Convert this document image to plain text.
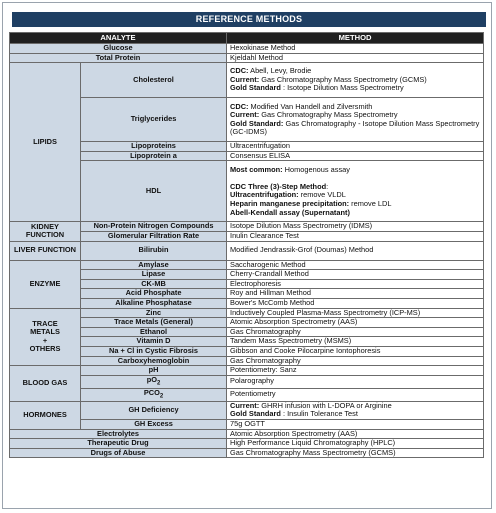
REFERENCE METHODS
ANALYTE		METHOD
Glucose		Hexokinase Method
Total Protein		Kjeldahl Method
LIPIDS	Cholesterol	CDC: Abell, Levy, Brodie
Current: Gas Chromatography Mass Spectrometry (GCMS)
Gold Standard : Isotope Dilution Mass Spectrometry

	Triglycerides	CDC: Modified Van Handell and Zilversmith
Current: Gas Chromatography Mass Spectrometry
Gold Standard: Gas Chromatography - Isotope Dilution Mass Spectrometry (GC-IDMS)

	Lipoproteins	Ultracentrifugation
	Lipoprotein a	Consensus ELISA
	HDL	Most common: Homogenous assay
CDC Three (3)-Step Method:
Ultracentrifugation: remove VLDL
Heparin manganese precipitation: remove LDL
Abell-Kendall assay (Supernatant)

KIDNEY FUNCTION	Non-Protein Nitrogen Compounds	Isotope Dilution Mass Spectrometry (IDMS)
	Glomerular Filtration Rate	Inulin Clearance Test
LIVER FUNCTION	Bilirubin	Modified Jendrassik-Grof (Doumas) Method
ENZYME	Amylase	Saccharogenic Method
	Lipase	Cherry-Crandall Method
	CK-MB	Electrophoresis
	Acid Phosphate	Roy and Hillman Method
	Alkaline Phosphatase	Bower's McComb Method

TRACE
METALS
+
OTHERS	Zinc	Inductively Coupled Plasma-Mass Spectrometry (ICP-MS)
	Trace Metals (General)	Atomic Absorption Spectrometry (AAS)
	Ethanol	Gas Chromatography
	Vitamin D	Tandem Mass Spectrometry (MSMS)
	Na + Cl in Cystic Fibrosis	Gibbson and Cooke Pilocarpine Iontophoresis
	Carboxyhemoglobin	Gas Chromatography
BLOOD GAS	pH	Potentiometry: Sanz
	$pO_2$	Polarography
	$PCO_2$	Potentiometry
HORMONES	GH Deficiency	Current: GHRH infusion with L-DOPA or Arginine
Gold Standard : Insulin Tolerance Test

	GH Excess	75g OGTT
Electrolytes		Atomic Absorption Spectrometry (AAS)
Therapeutic Drug		High Performance Liquid Chromatography (HPLC)
Drugs of Abuse		Gas Chromatography Mass Spectrometry (GCMS)
